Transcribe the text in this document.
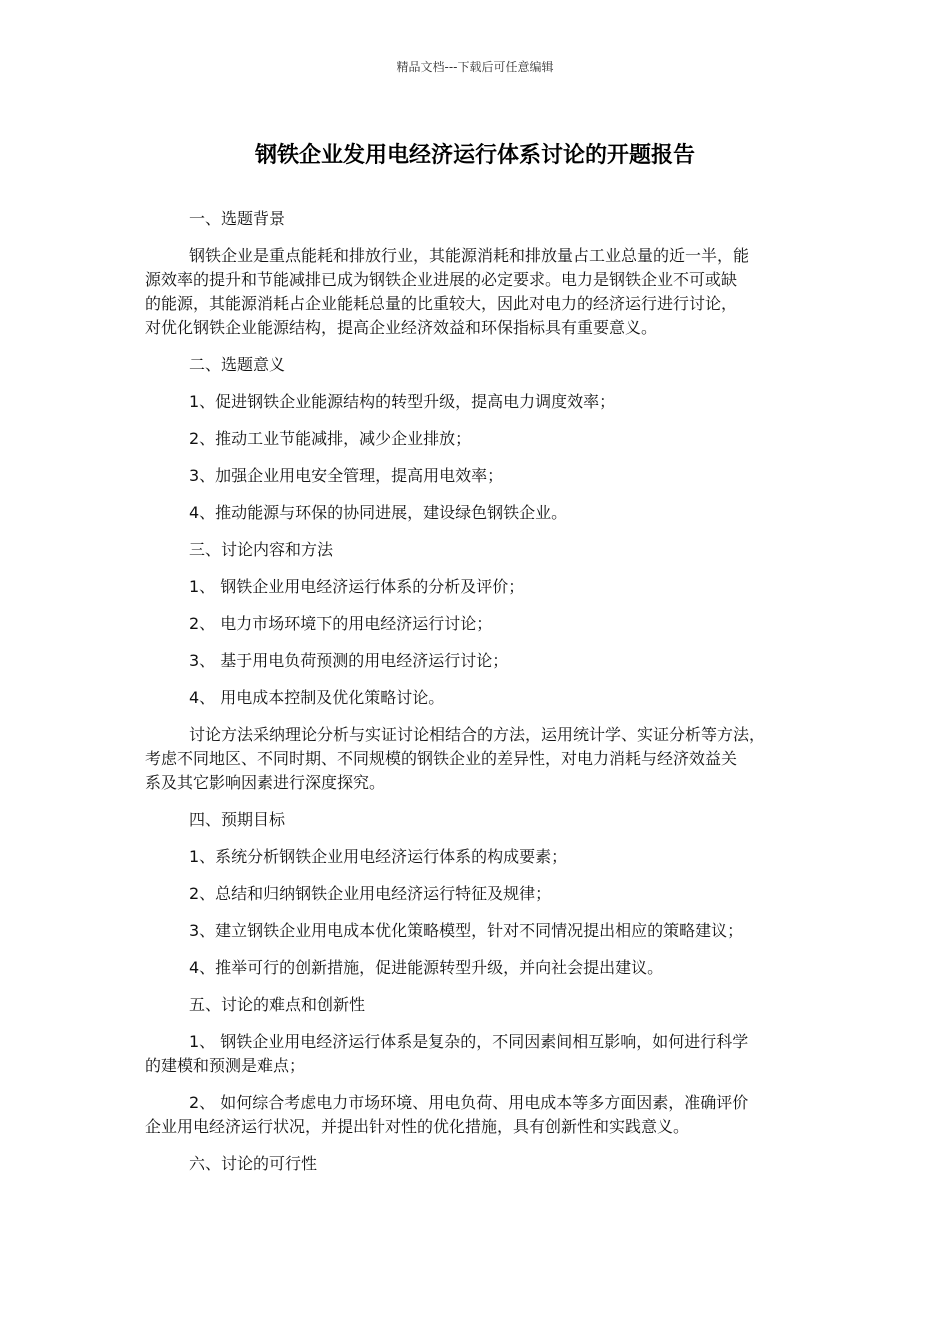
精品文档---下载后可任意编辑
钢铁企业发用电经济运行体系讨论的开题报告

一、选题背景

钢铁企业是重点能耗和排放行业，其能源消耗和排放量占工业总量的近一半，能
源效率的提升和节能减排已成为钢铁企业进展的必定要求。电力是钢铁企业不可或缺
的能源，其能源消耗占企业能耗总量的比重较大，因此对电力的经济运行进行讨论，
对优化钢铁企业能源结构，提高企业经济效益和环保指标具有重要意义。

二、选题意义

1、促进钢铁企业能源结构的转型升级，提高电力调度效率；

2、推动工业节能减排，减少企业排放；

3、加强企业用电安全管理，提高用电效率；

4、推动能源与环保的协同进展，建设绿色钢铁企业。

三、讨论内容和方法

1、 钢铁企业用电经济运行体系的分析及评价；

2、 电力市场环境下的用电经济运行讨论；

3、 基于用电负荷预测的用电经济运行讨论；

4、 用电成本控制及优化策略讨论。

讨论方法采纳理论分析与实证讨论相结合的方法，运用统计学、实证分析等方法，
考虑不同地区、不同时期、不同规模的钢铁企业的差异性，对电力消耗与经济效益关
系及其它影响因素进行深度探究。

四、预期目标

1、系统分析钢铁企业用电经济运行体系的构成要素；

2、总结和归纳钢铁企业用电经济运行特征及规律；

3、建立钢铁企业用电成本优化策略模型，针对不同情况提出相应的策略建议；

4、推举可行的创新措施，促进能源转型升级，并向社会提出建议。

五、讨论的难点和创新性

1、 钢铁企业用电经济运行体系是复杂的，不同因素间相互影响，如何进行科学
的建模和预测是难点；

2、 如何综合考虑电力市场环境、用电负荷、用电成本等多方面因素，准确评价
企业用电经济运行状况，并提出针对性的优化措施，具有创新性和实践意义。

六、讨论的可行性
